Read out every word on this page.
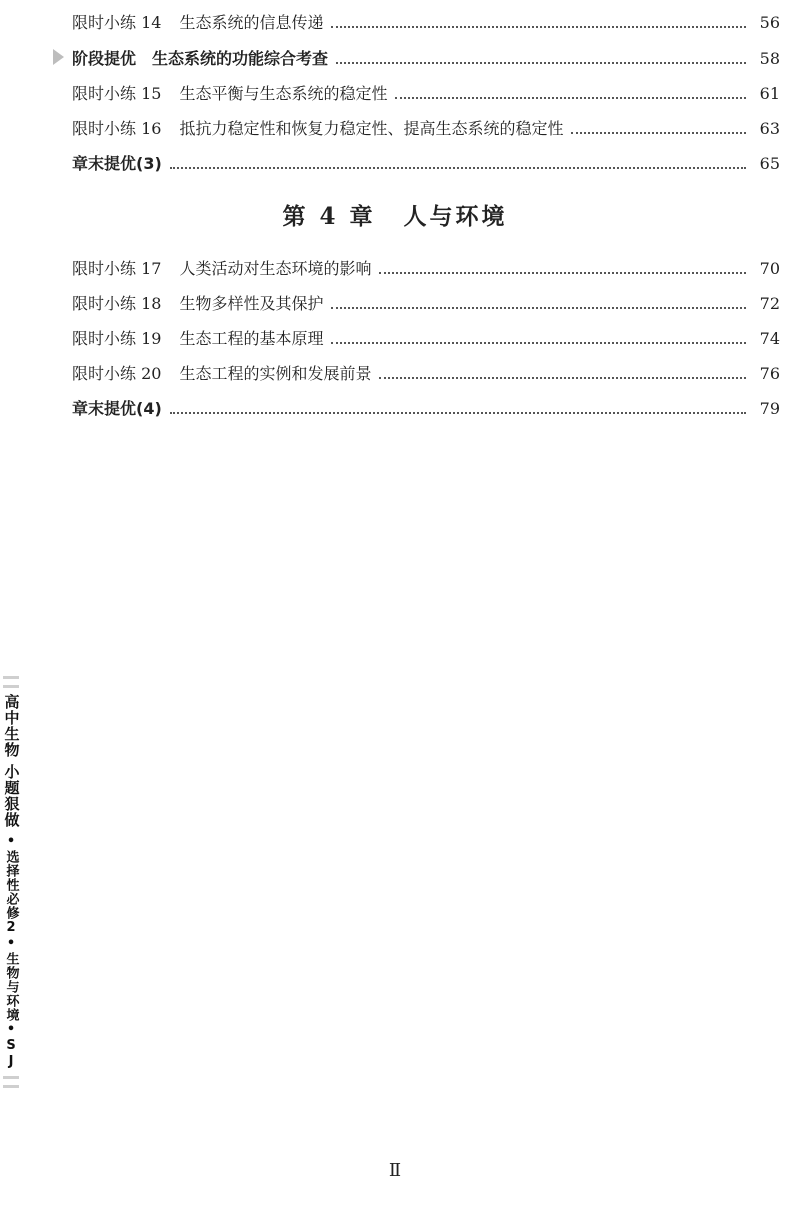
限时小练 14 生态系统的信息传递	56
阶段提优　生态系统的功能综合考查	58
限时小练 15 生态平衡与生态系统的稳定性	61
限时小练 16 抵抗力稳定性和恢复力稳定性、提高生态系统的稳定性	63
章末提优(3)	65
第 4 章 人与环境
限时小练 17 人类活动对生态环境的影响	70
限时小练 18 生物多样性及其保护	72
限时小练 19 生态工程的基本原理	74
限时小练 20 生态工程的实例和发展前景	76
章末提优(4)	79
高中生物
小题狠做
•选择性必修2•生物与环境•SJ
Ⅱ
